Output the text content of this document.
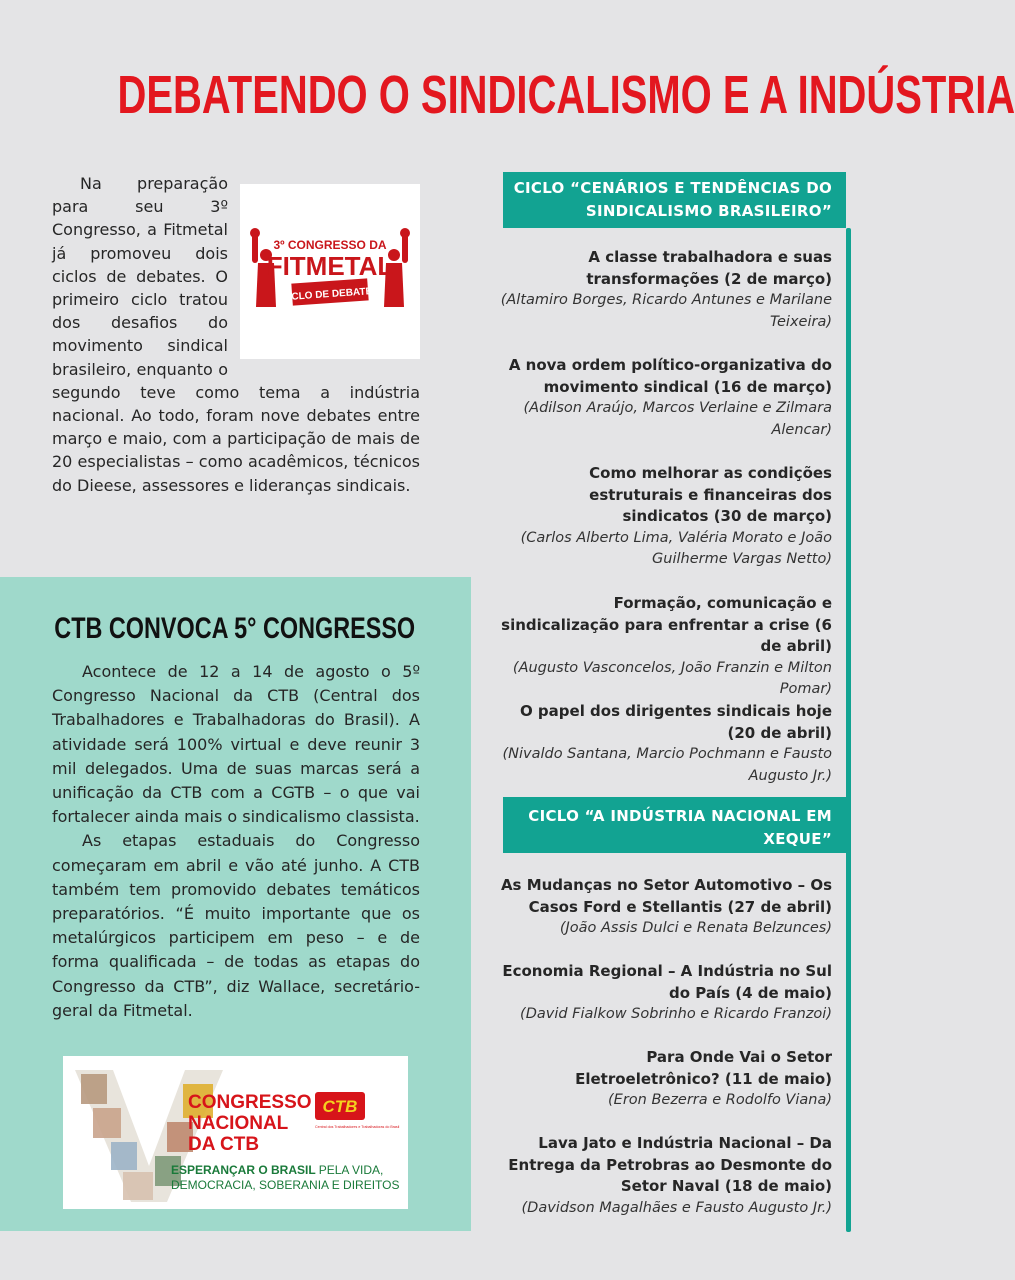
DEBATENDO O SINDICALISMO E A INDÚSTRIA
3º CONGRESSO DA
FITMETAL
CICLO DE DEBATES

Na preparação para seu 3º Congresso, a Fitmetal já promoveu dois ciclos de debates. O primeiro ciclo tratou dos desafios do movimento sindical brasileiro, enquanto o segundo teve como tema a indústria nacional. Ao todo, foram nove debates entre março e maio, com a participação de mais de 20 especialistas – como acadêmicos, técnicos do Dieese, assessores e lideranças sindicais.

CTB CONVOCA 5° CONGRESSO

Acontece de 12 a 14 de agosto o 5º Congresso Nacional da CTB (Central dos Trabalhadores e Trabalhadoras do Brasil). A atividade será 100% virtual e deve reunir 3 mil delegados. Uma de suas marcas será a unificação da CTB com a CGTB – o que vai fortalecer ainda mais o sindicalismo classista.

As etapas estaduais do Congresso começaram em abril e vão até junho. A CTB também tem promovido debates temáticos preparatórios. “É muito importante que os metalúrgicos participem em peso – e de forma qualificada – de todas as etapas do Congresso da CTB”, diz Wallace, secretário-geral da Fitmetal.

CONGRESSO
NACIONAL
DA CTB
CTB
Central dos Trabalhadores e Trabalhadoras do Brasil
ESPERANÇAR O BRASIL PELA VIDA,
DEMOCRACIA, SOBERANIA E DIREITOS
CICLO “CENÁRIOS E TENDÊNCIAS DO SINDICALISMO BRASILEIRO”
A classe trabalhadora e suas transformações (2 de março)
(Altamiro Borges, Ricardo Antunes e Marilane Teixeira)
A nova ordem político-organizativa do movimento sindical (16 de março)
(Adilson Araújo, Marcos Verlaine e Zilmara Alencar)
Como melhorar as condições estruturais e financeiras dos sindicatos (30 de março)
(Carlos Alberto Lima, Valéria Morato e João Guilherme Vargas Netto)
Formação, comunicação e sindicalização para enfrentar a crise (6 de abril)
(Augusto Vasconcelos, João Franzin e Milton Pomar)
O papel dos dirigentes sindicais hoje (20 de abril)
(Nivaldo Santana, Marcio Pochmann e Fausto Augusto Jr.)
CICLO “A INDÚSTRIA NACIONAL EM XEQUE”
As Mudanças no Setor Automotivo – Os Casos Ford e Stellantis (27 de abril)
(João Assis Dulci e Renata Belzunces)
Economia Regional – A Indústria no Sul do País (4 de maio)
(David Fialkow Sobrinho e Ricardo Franzoi)
Para Onde Vai o Setor Eletroeletrônico? (11 de maio)
(Eron Bezerra e Rodolfo Viana)
Lava Jato e Indústria Nacional – Da Entrega da Petrobras ao Desmonte do Setor Naval (18 de maio)
(Davidson Magalhães e Fausto Augusto Jr.)
